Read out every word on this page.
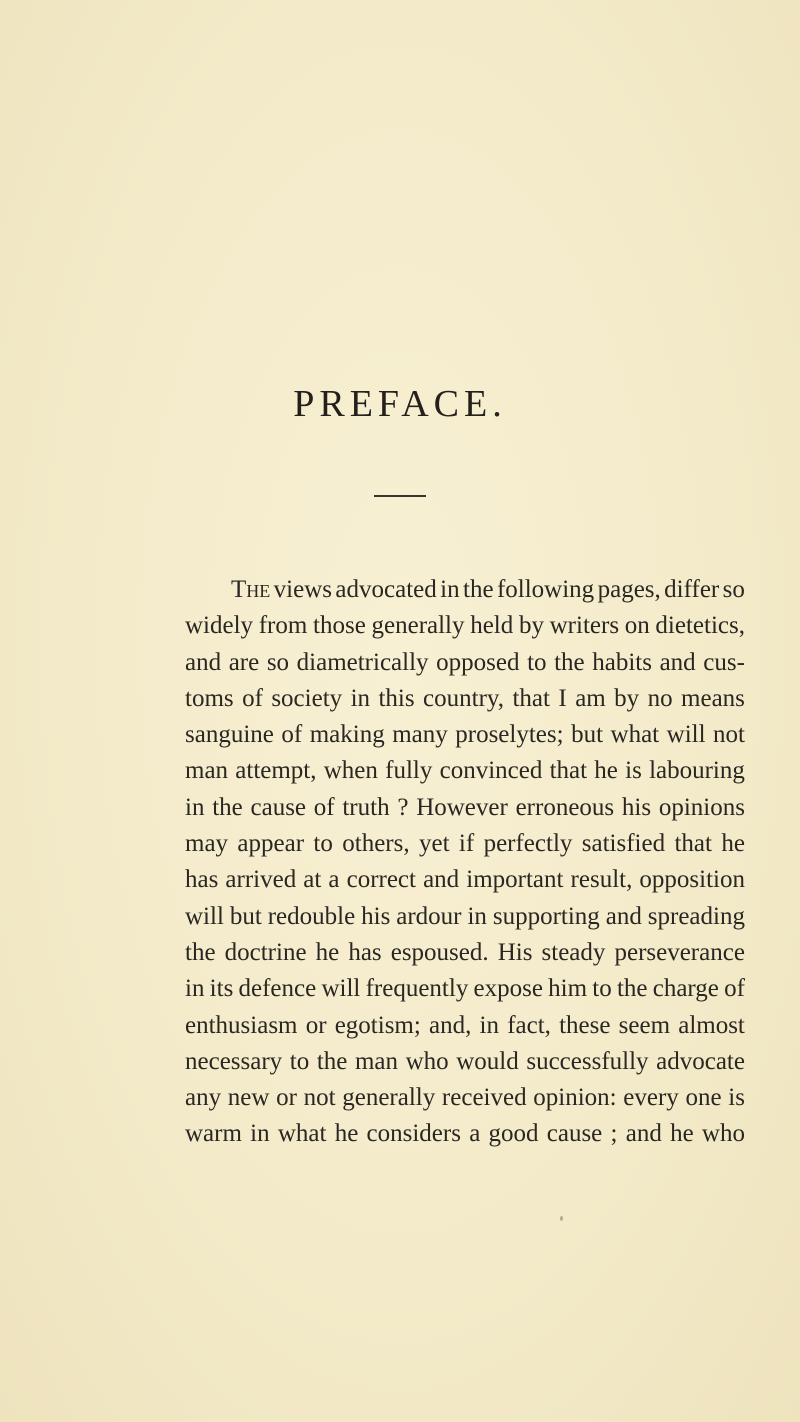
PREFACE.
The views advocated in the following pages, differ so
widely from those generally held by writers on dietetics,
and are so diametrically opposed to the habits and cus-
toms of society in this country, that I am by no means
sanguine of making many proselytes; but what will not
man attempt, when fully convinced that he is labouring
in the cause of truth ? However erroneous his opinions
may appear to others, yet if perfectly satisfied that he
has arrived at a correct and important result, opposition
will but redouble his ardour in supporting and spreading
the doctrine he has espoused. His steady perseverance
in its defence will frequently expose him to the charge of
enthusiasm or egotism; and, in fact, these seem almost
necessary to the man who would successfully advocate
any new or not generally received opinion: every one is
warm in what he considers a good cause ; and he who
